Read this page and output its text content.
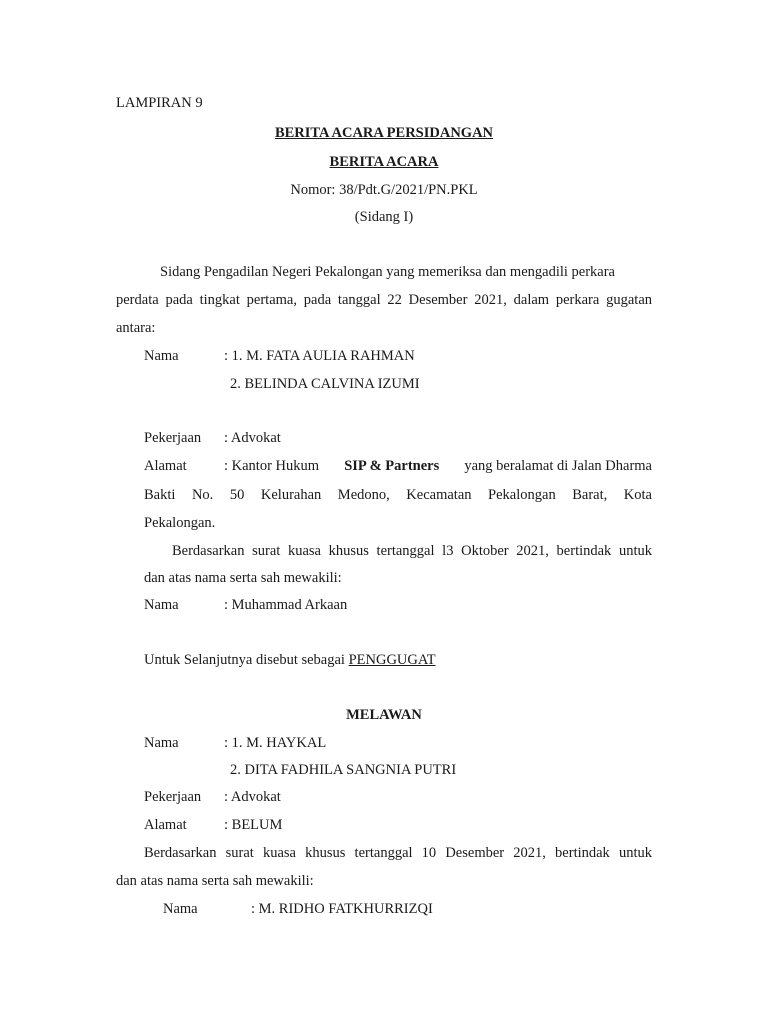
LAMPIRAN 9
BERITA ACARA PERSIDANGAN
BERITA ACARA
Nomor: 38/Pdt.G/2021/PN.PKL
(Sidang I)
Sidang Pengadilan Negeri Pekalongan yang memeriksa dan mengadili perkara
perdata pada tingkat pertama, pada tanggal 22 Desember 2021, dalam perkara gugatan
antara:
Nama	: 1. M. FATA AULIA RAHMAN
2. BELINDA CALVINA IZUMI
Pekerjaan : Advokat
Alamat	: Kantor Hukum SIP & Partners yang beralamat di Jalan Dharma
Bakti No. 50 Kelurahan Medono, Kecamatan Pekalongan Barat, Kota
Pekalongan.
Berdasarkan surat kuasa khusus tertanggal l3 Oktober 2021, bertindak untuk
dan atas nama serta sah mewakili:
Nama	: Muhammad Arkaan
Untuk Selanjutnya disebut sebagai PENGGUGAT
MELAWAN
Nama	: 1. M. HAYKAL
2. DITA FADHILA SANGNIA PUTRI
Pekerjaan : Advokat
Alamat	: BELUM
Berdasarkan surat kuasa khusus tertanggal 10 Desember 2021, bertindak untuk
dan atas nama serta sah mewakili:
Nama	: M. RIDHO FATKHURRIZQI
